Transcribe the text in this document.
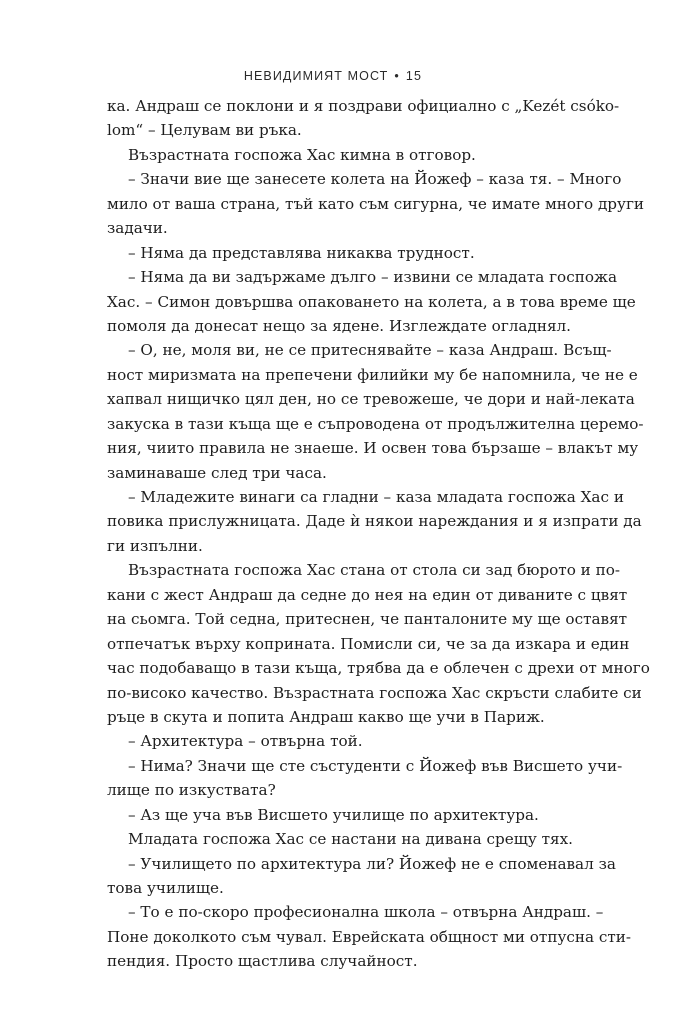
НЕВИДИМИЯТ МОСТ • 15
ка. Андраш се поклони и я поздрави официално с „Kezét csóko-
lom“ – Целувам ви ръка.
Възрастната госпожа Хас кимна в отговор.
– Значи вие ще занесете колета на Йожеф – каза тя. – Много
мило от ваша страна, тъй като съм сигурна, че имате много други
задачи.
– Няма да представлява никаква трудност.
– Няма да ви задържаме дълго – извини се младата госпожа
Хас. – Симон довършва опаковането на колета, а в това време ще
помоля да донесат нещо за ядене. Изглеждате огладнял.
– О, не, моля ви, не се притеснявайте – каза Андраш. Всъщ-
ност миризмата на препечени филийки му бе напомнила, че не е
хапвал нищичко цял ден, но се тревожеше, че дори и най-леката
закуска в тази къща ще е съпроводена от продължителна церемо-
ния, чиито правила не знаеше. И освен това бързаше – влакът му
заминаваше след три часа.
– Младежите винаги са гладни – каза младата госпожа Хас и
повика прислужницата. Даде ѝ някои нареждания и я изпрати да
ги изпълни.
Възрастната госпожа Хас стана от стола си зад бюрото и по-
кани с жест Андраш да седне до нея на един от диваните с цвят
на сьомга. Той седна, притеснен, че панталоните му ще оставят
отпечатък върху коприната. Помисли си, че за да изкара и един
час подобаващо в тази къща, трябва да е облечен с дрехи от много
по-високо качество. Възрастната госпожа Хас скръсти слабите си
ръце в скута и попита Андраш какво ще учи в Париж.
– Архитектура – отвърна той.
– Нима? Значи ще сте състуденти с Йожеф във Висшето учи-
лище по изкуствата?
– Аз ще уча във Висшето училище по архитектура.
Младата госпожа Хас се настани на дивана срещу тях.
– Училището по архитектура ли? Йожеф не е споменавал за
това училище.
– То е по-скоро професионална школа – отвърна Андраш. –
Поне доколкото съм чувал. Еврейската общност ми отпусна сти-
пендия. Просто щастлива случайност.
